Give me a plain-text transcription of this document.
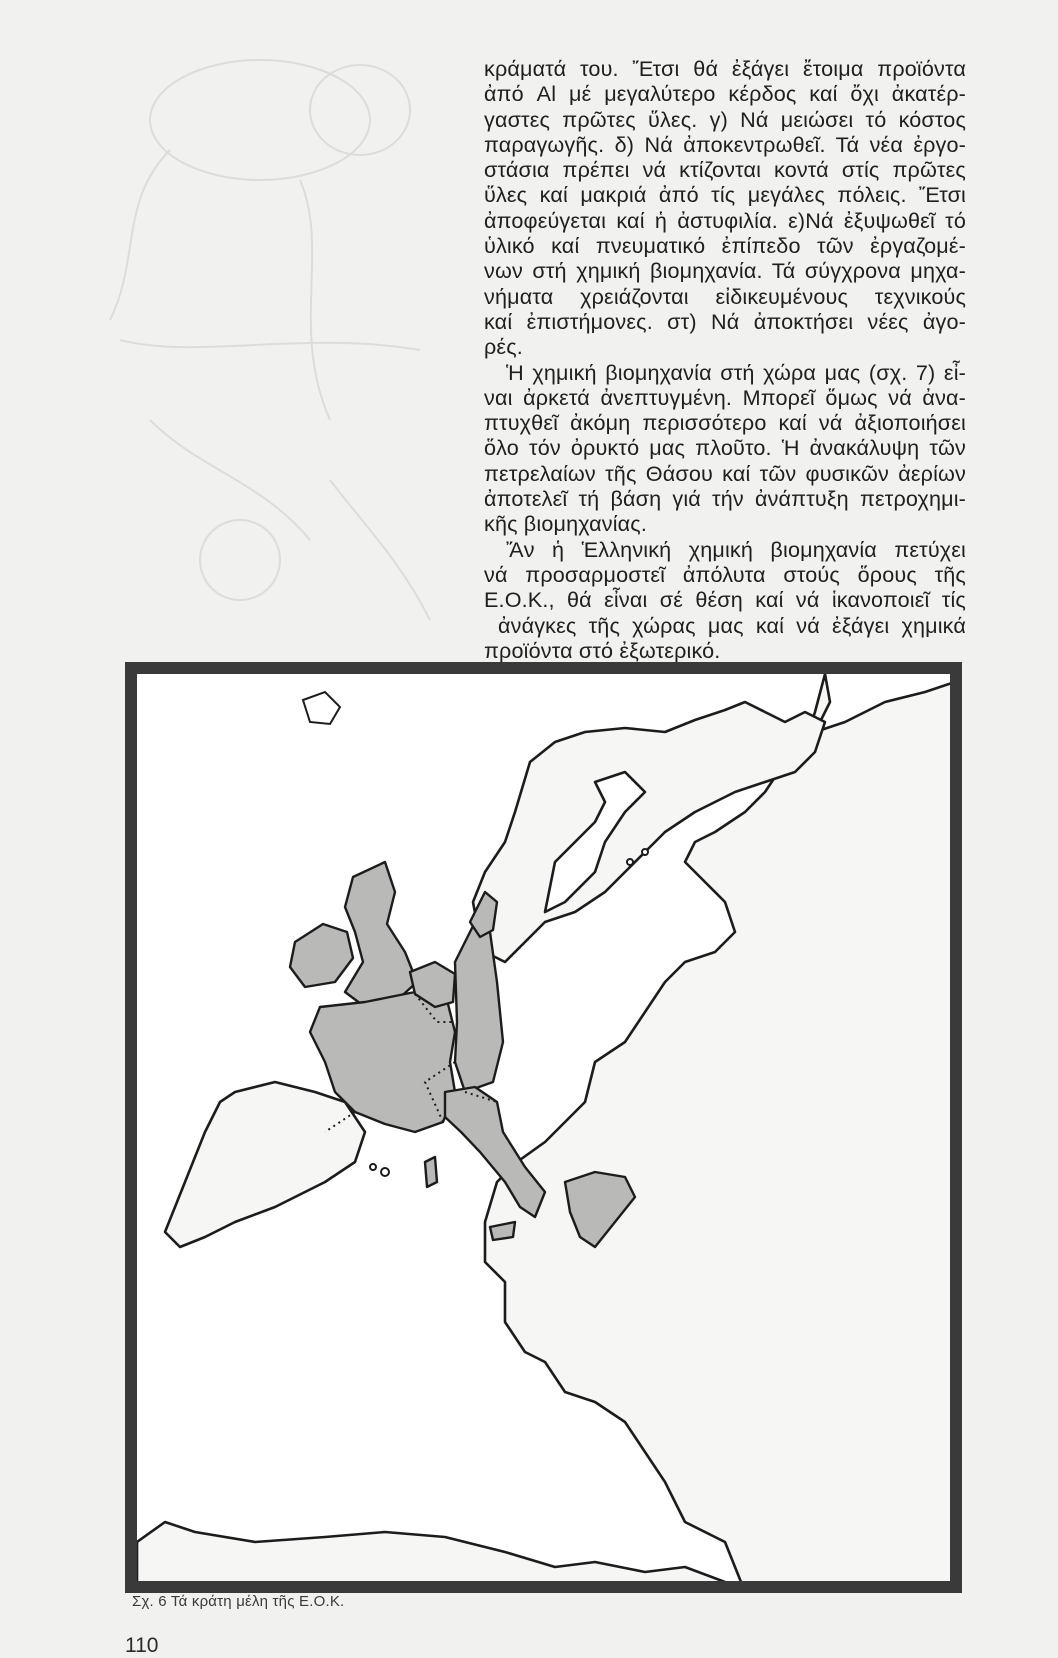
κράματά του. Ἔτσι θά ἐξάγει ἔτοιμα προϊόντα
ἀπό Al μέ μεγαλύτερο κέρδος καί ὄχι ἀκατέρ-
γαστες πρῶτες ὕλες. γ) Νά μειώσει τό κόστος
παραγωγῆς. δ) Νά ἀποκεντρωθεῖ. Τά νέα ἐργο-
στάσια πρέπει νά κτίζονται κοντά στίς πρῶτες
ὕλες καί μακριά ἀπό τίς μεγάλες πόλεις. Ἔτσι
ἀποφεύγεται καί ἡ ἀστυφιλία. ε)Νά ἐξυψωθεῖ τό
ὑλικό καί πνευματικό ἐπίπεδο τῶν ἐργαζομέ-
νων στή χημική βιομηχανία. Τά σύγχρονα μηχα-
νήματα χρειάζονται εἰδικευμένους τεχνικούς
καί ἐπιστήμονες. στ) Νά ἀποκτήσει νέες ἀγο-
ρές.

Ἡ χημική βιομηχανία στή χώρα μας (σχ. 7) εἶ-
ναι ἀρκετά ἀνεπτυγμένη. Μπορεῖ ὅμως νά ἀνα-
πτυχθεῖ ἀκόμη περισσότερο καί νά ἀξιοποιήσει
ὅλο τόν ὀρυκτό μας πλοῦτο. Ἡ ἀνακάλυψη τῶν
πετρελαίων τῆς Θάσου καί τῶν φυσικῶν ἀερίων
ἀποτελεῖ τή βάση γιά τήν ἀνάπτυξη πετροχημι-
κῆς βιομηχανίας.

Ἄν ἡ Ἑλληνική χημική βιομηχανία πετύχει
νά προσαρμοστεῖ ἀπόλυτα στούς ὅρους τῆς
Ε.Ο.Κ., θά εἶναι σέ θέση καί νά ἱκανοποιεῖ τίς
ἀνάγκες τῆς χώρας μας καί νά ἐξάγει χημικά
προϊόντα στό ἐξωτερικό.

Σχ. 6 Τά κράτη μέλη τῆς Ε.Ο.Κ.
110
